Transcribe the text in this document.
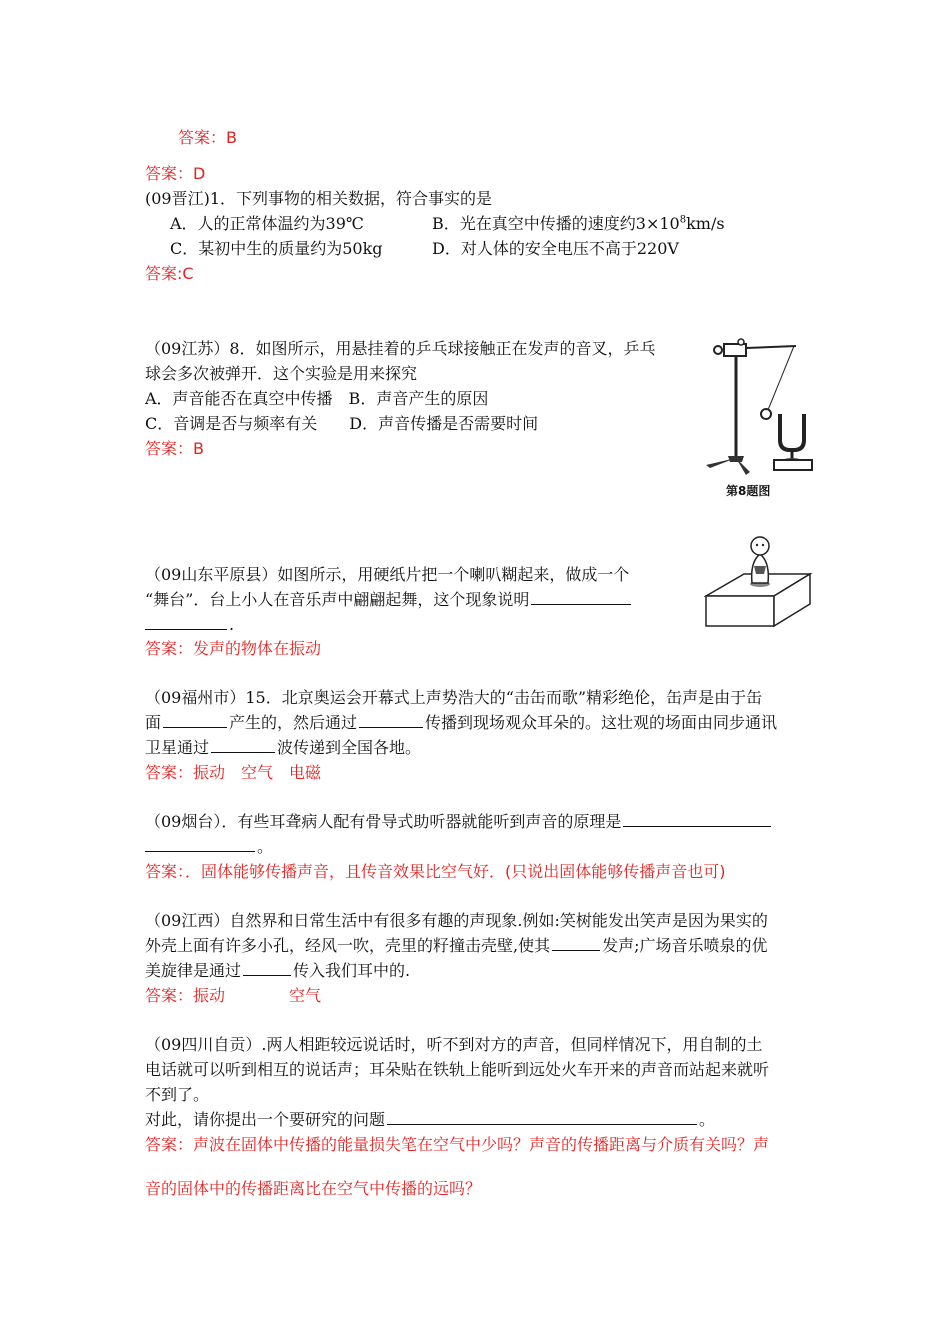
答案：B
答案：D
(09晋江)1．下列事物的相关数据，符合事实的是
A．人的正常体温约为39℃	B．光在真空中传播的速度约$3\times 10^8km/s$
C．某初中生的质量约为50kg	D．对人体的安全电压不高于220V
答案:C
（09江苏）8．如图所示，用悬挂着的乒乓球接触正在发声的音叉，乒乓
球会多次被弹开．这个实验是用来探究
A．声音能否在真空中传播　B．声音产生的原因
C．音调是否与频率有关　　D．声音传播是否需要时间
答案：B
第8题图
（09山东平原县）如图所示，用硬纸片把一个喇叭糊起来，做成一个
“舞台”．台上小人在音乐声中翩翩起舞，这个现象说明
.
答案：发声的物体在振动
（09福州市）15．北京奥运会开幕式上声势浩大的“击缶而歌”精彩绝伦，缶声是由于缶
面	产生的，然后通过	传播到现场观众耳朵的。这壮观的场面由同步通讯
卫星通过	波传递到全国各地。
答案：振动　空气　电磁
（09烟台）．有些耳聋病人配有骨导式助听器就能听到声音的原理是
。
答案：．固体能够传播声音，且传音效果比空气好．(只说出固体能够传播声音也可)
（09江西）自然界和日常生活中有很多有趣的声现象.例如:笑树能发出笑声是因为果实的
外壳上面有许多小孔，经风一吹，壳里的籽撞击壳壁,使其	发声;广场音乐喷泉的优
美旋律是通过	传入我们耳中的.
答案：振动　　　　空气
（09四川自贡）.两人相距较远说话时，听不到对方的声音，但同样情况下，用自制的土
电话就可以听到相互的说话声；耳朵贴在铁轨上能听到远处火车开来的声音而站起来就听
不到了。
对此，请你提出一个要研究的问题	。
答案：声波在固体中传播的能量损失笔在空气中少吗？声音的传播距离与介质有关吗？声
音的固体中的传播距离比在空气中传播的远吗？
